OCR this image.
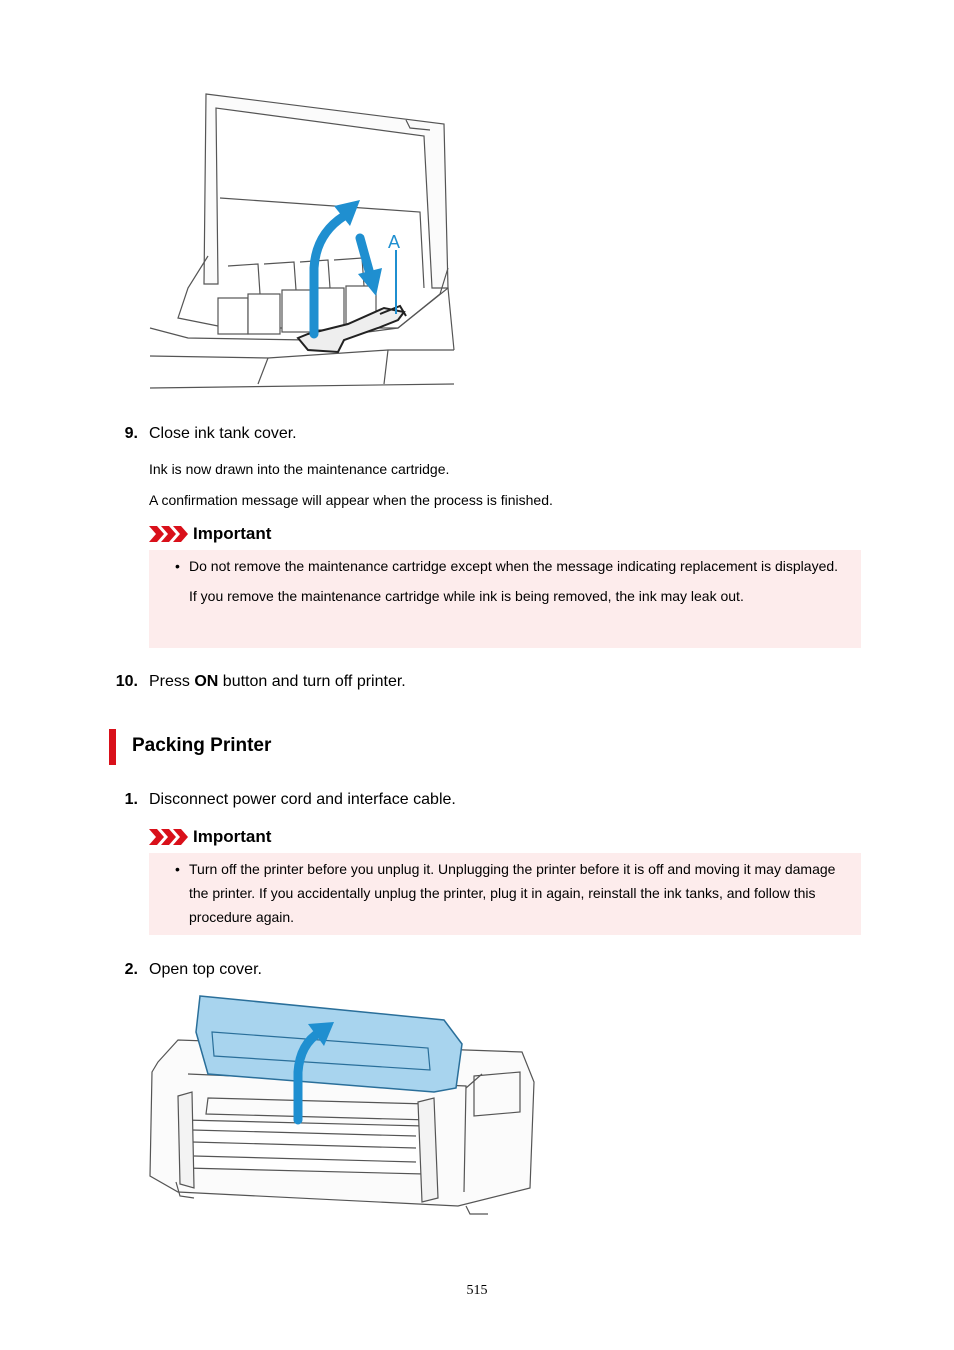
A
9. Close ink tank cover.
Ink is now drawn into the maintenance cartridge.
A confirmation message will appear when the process is finished.
Important
• Do not remove the maintenance cartridge except when the message indicating replacement is displayed.
If you remove the maintenance cartridge while ink is being removed, the ink may leak out.
10. Press ON button and turn off printer.
Packing Printer
1. Disconnect power cord and interface cable.
Important
• Turn off the printer before you unplug it. Unplugging the printer before it is off and moving it may damage the printer. If you accidentally unplug the printer, plug it in again, reinstall the ink tanks, and follow this procedure again.
2. Open top cover.
515
